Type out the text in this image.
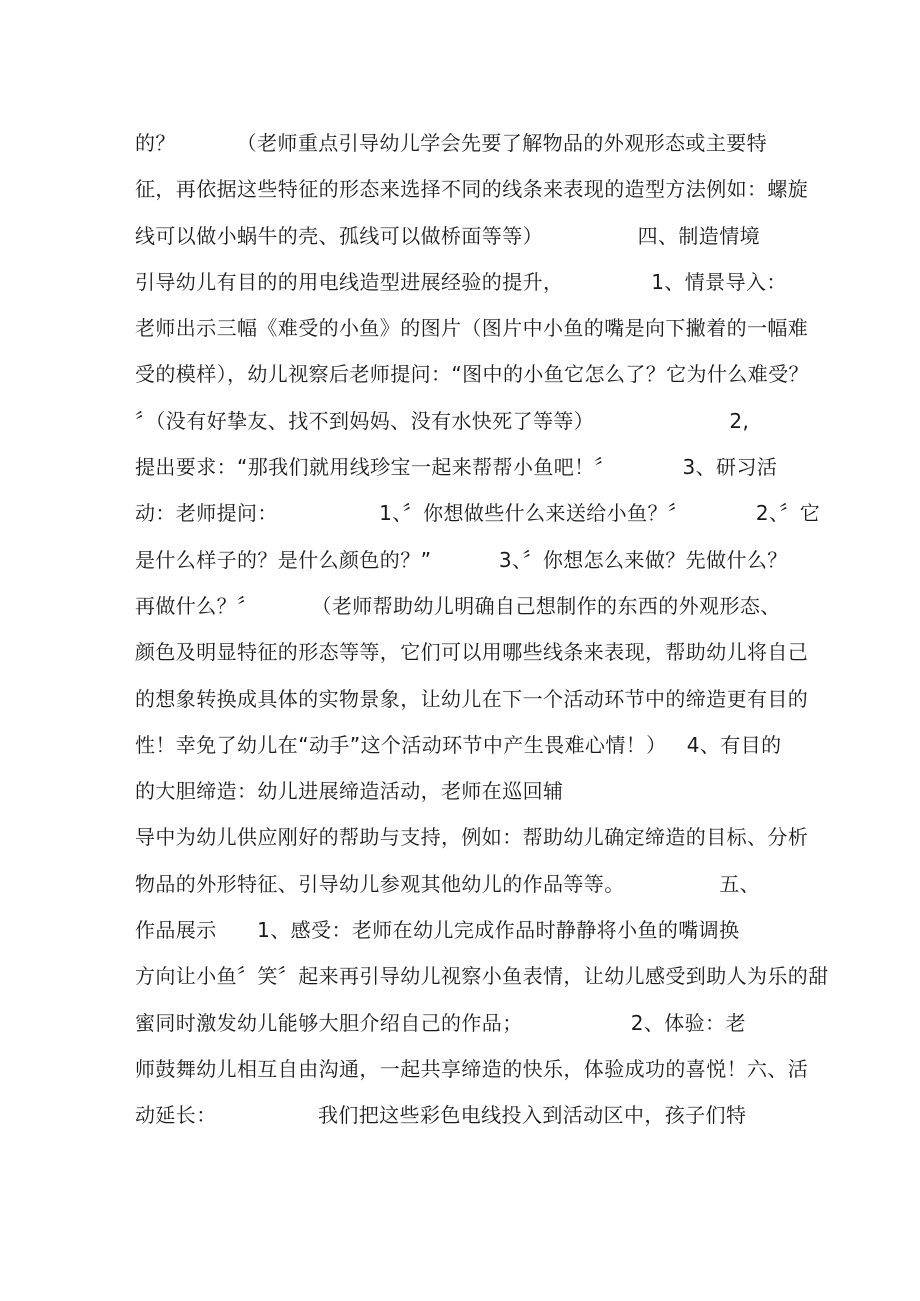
的？         （老师重点引导幼儿学会先要了解物品的外观形态或主要特
征，再依据这些特征的形态来选择不同的线条来表现的造型方法例如：螺旋
线可以做小蜗牛的壳、孤线可以做桥面等等）              四、制造情境
引导幼儿有目的的用电线造型进展经验的提升，             1、情景导入：
老师出示三幅《难受的小鱼》的图片（图片中小鱼的嘴是向下撇着的一幅难
受的模样），幼儿视察后老师提问：“图中的小鱼它怎么了？它为什么难受？
〞（没有好挚友、找不到妈妈、没有水快死了等等）                    2,
提出要求：“那我们就用线珍宝一起来帮帮小鱼吧！〞          3、研习活
动：老师提问：               1、〞你想做些什么来送给小鱼？〞          2、〞它
是什么样子的？是什么颜色的？”          3、〞你想怎么来做？先做什么？
再做什么？〞        （老师帮助幼儿明确自己想制作的东西的外观形态、
颜色及明显特征的形态等等，它们可以用哪些线条来表现，帮助幼儿将自己
的想象转换成具体的实物景象，让幼儿在下一个活动环节中的缔造更有目的
性！幸免了幼儿在“动手”这个活动环节中产生畏难心情！）   4、有目的
的大胆缔造：幼儿进展缔造活动，老师在巡回辅
导中为幼儿供应刚好的帮助与支持，例如：帮助幼儿确定缔造的目标、分析
物品的外形特征、引导幼儿参观其他幼儿的作品等等。              五、
作品展示      1、感受：老师在幼儿完成作品时静静将小鱼的嘴调换
方向让小鱼〞笑〞起来再引导幼儿视察小鱼表情，让幼儿感受到助人为乐的甜
蜜同时激发幼儿能够大胆介绍自己的作品；                2、体验：老
师鼓舞幼儿相互自由沟通，一起共享缔造的快乐，体验成功的喜悦！六、活
动延长：               我们把这些彩色电线投入到活动区中，孩子们特
